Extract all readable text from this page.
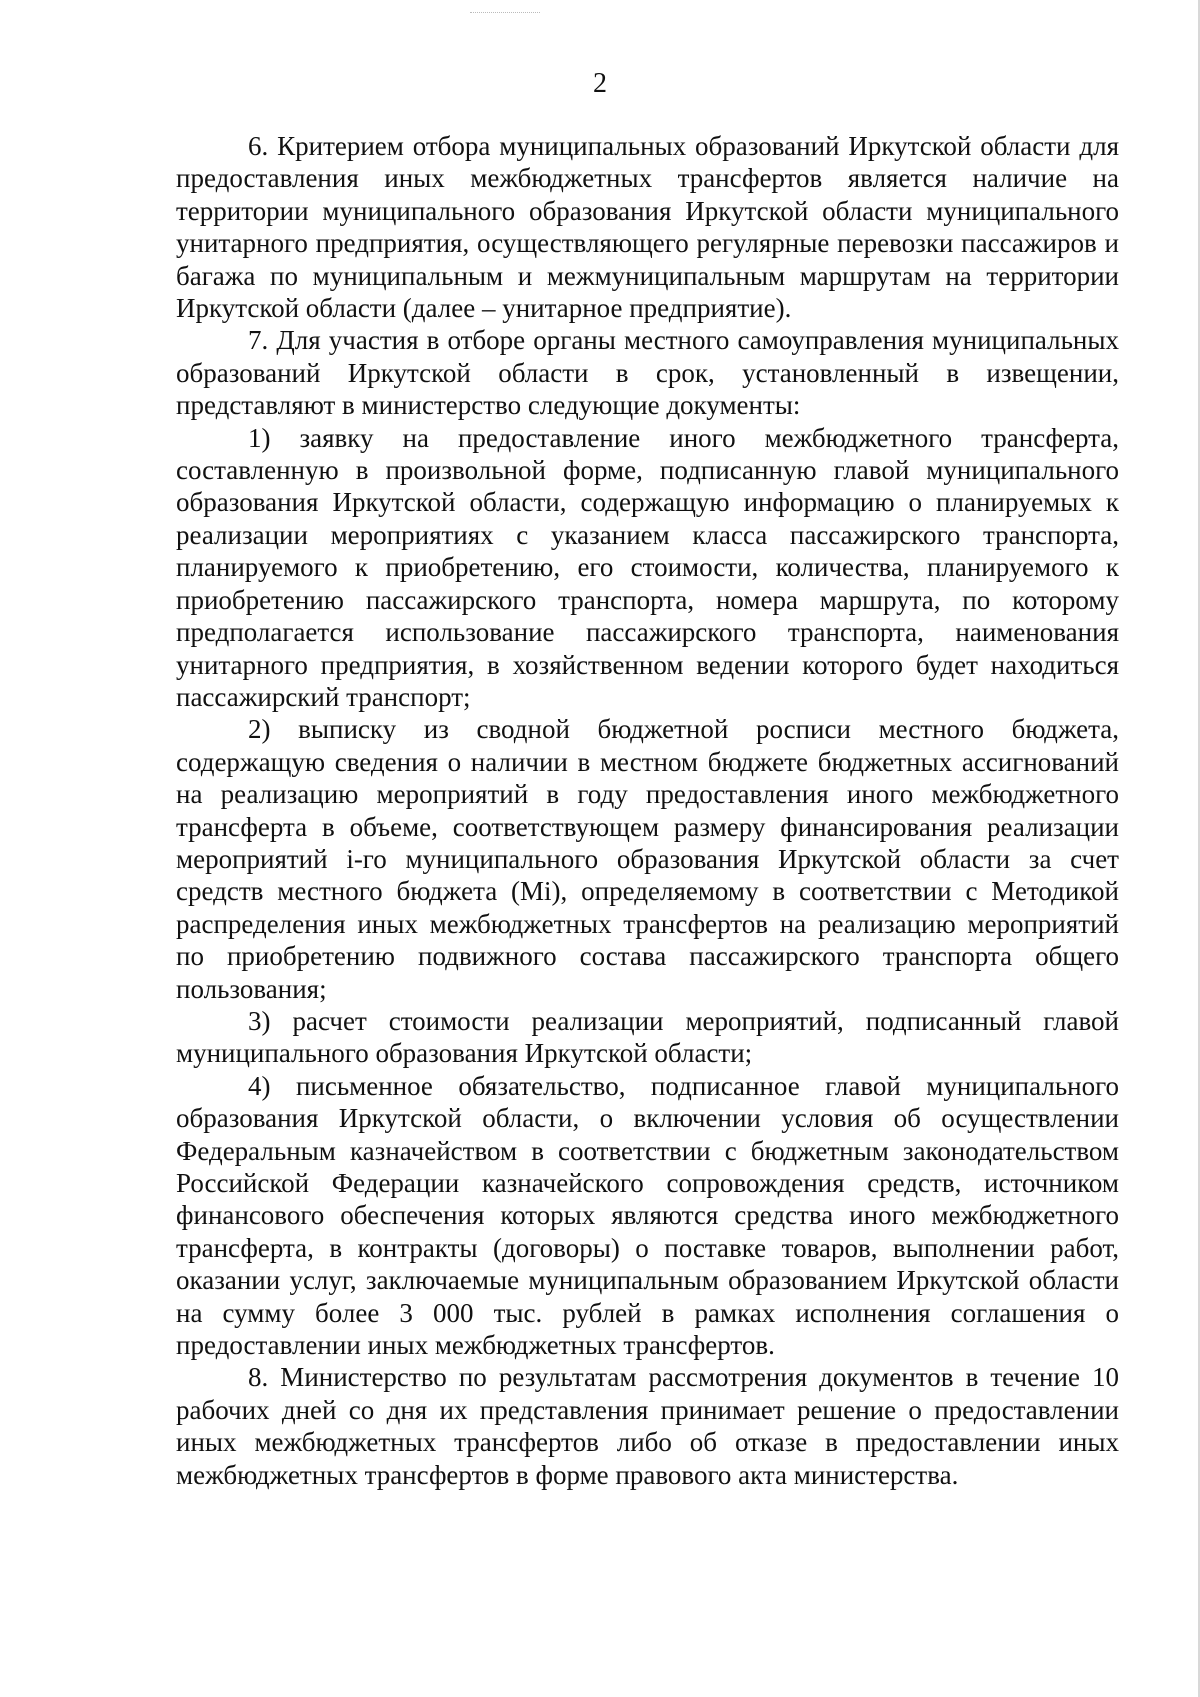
2

6. Критерием отбора муниципальных образований Иркутской области для предоставления иных межбюджетных трансфертов является наличие на территории муниципального образования Иркутской области муниципального унитарного предприятия, осуществляющего регулярные перевозки пассажиров и багажа по муниципальным и межмуниципальным маршрутам на территории Иркутской области (далее – унитарное предприятие).

7. Для участия в отборе органы местного самоуправления муниципальных образований Иркутской области в срок, установленный в извещении, представляют в министерство следующие документы:

1) заявку на предоставление иного межбюджетного трансферта, составленную в произвольной форме, подписанную главой муниципального образования Иркутской области, содержащую информацию о планируемых к реализации мероприятиях с указанием класса пассажирского транспорта, планируемого к приобретению, его стоимости, количества, планируемого к приобретению пассажирского транспорта, номера маршрута, по которому предполагается использование пассажирского транспорта, наименования унитарного предприятия, в хозяйственном ведении которого будет находиться пассажирский транспорт;

2) выписку из сводной бюджетной росписи местного бюджета, содержащую сведения о наличии в местном бюджете бюджетных ассигнований на реализацию мероприятий в году предоставления иного межбюджетного трансферта в объеме, соответствующем размеру финансирования реализации мероприятий i-го муниципального образования Иркутской области за счет средств местного бюджета (Mi), определяемому в соответствии с Методикой распределения иных межбюджетных трансфертов на реализацию мероприятий по приобретению подвижного состава пассажирского транспорта общего пользования;

3) расчет стоимости реализации мероприятий, подписанный главой муниципального образования Иркутской области;

4) письменное обязательство, подписанное главой муниципального образования Иркутской области, о включении условия об осуществлении Федеральным казначейством в соответствии с бюджетным законодательством Российской Федерации казначейского сопровождения средств, источником финансового обеспечения которых являются средства иного межбюджетного трансферта, в контракты (договоры) о поставке товаров, выполнении работ, оказании услуг, заключаемые муниципальным образованием Иркутской области на сумму более 3 000 тыс. рублей в рамках исполнения соглашения о предоставлении иных межбюджетных трансфертов.

8. Министерство по результатам рассмотрения документов в течение 10 рабочих дней со дня их представления принимает решение о предоставлении иных межбюджетных трансфертов либо об отказе в предоставлении иных межбюджетных трансфертов в форме правового акта министерства.
